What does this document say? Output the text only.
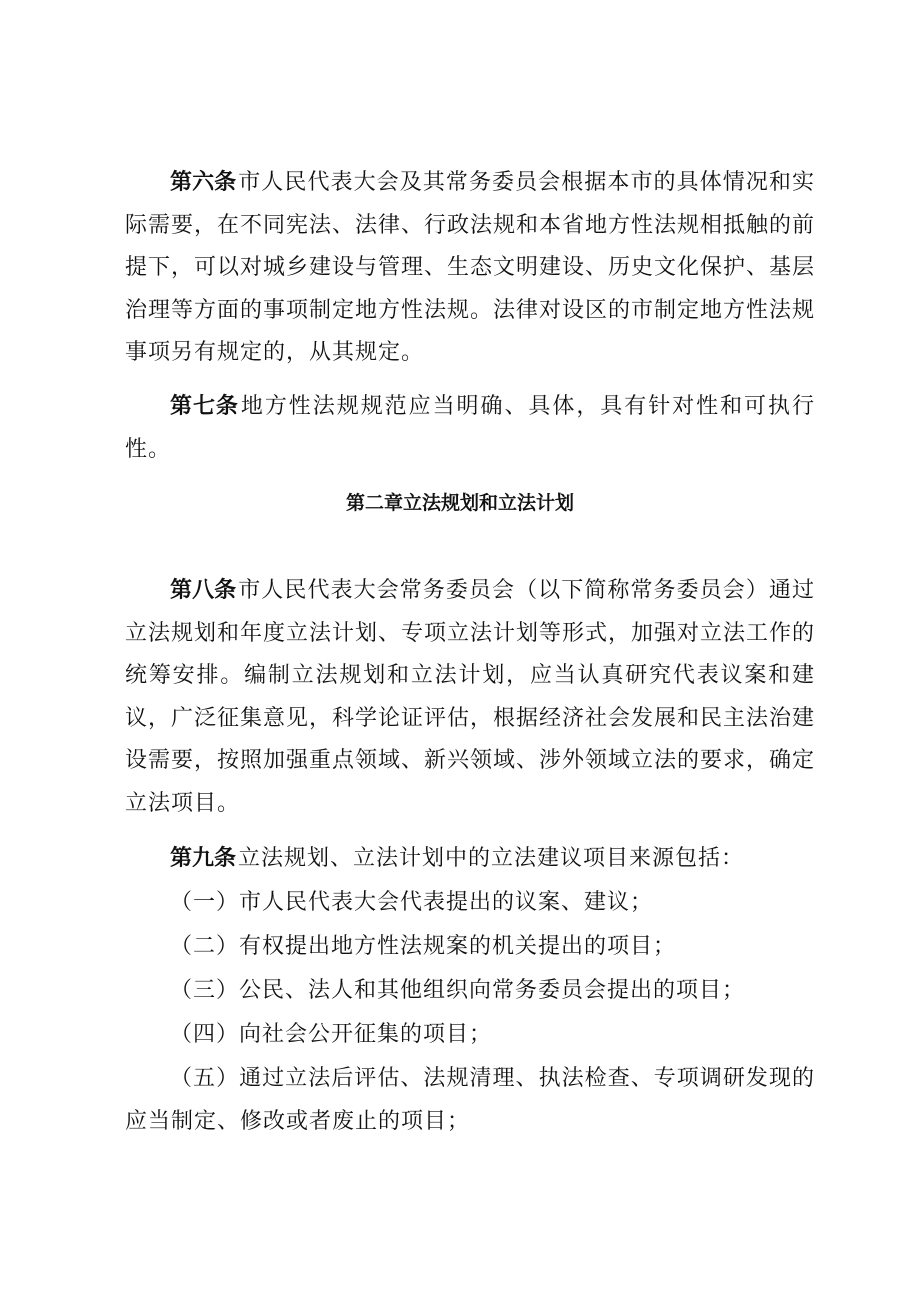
第六条市人民代表大会及其常务委员会根据本市的具体情况和实际需要，在不同宪法、法律、行政法规和本省地方性法规相抵触的前提下，可以对城乡建设与管理、生态文明建设、历史文化保护、基层治理等方面的事项制定地方性法规。法律对设区的市制定地方性法规事项另有规定的，从其规定。

第七条地方性法规规范应当明确、具体，具有针对性和可执行性。

第二章立法规划和立法计划

第八条市人民代表大会常务委员会（以下简称常务委员会）通过立法规划和年度立法计划、专项立法计划等形式，加强对立法工作的统筹安排。编制立法规划和立法计划，应当认真研究代表议案和建议，广泛征集意见，科学论证评估，根据经济社会发展和民主法治建设需要，按照加强重点领域、新兴领域、涉外领域立法的要求，确定立法项目。

第九条立法规划、立法计划中的立法建议项目来源包括：

（一）市人民代表大会代表提出的议案、建议；

（二）有权提出地方性法规案的机关提出的项目；

（三）公民、法人和其他组织向常务委员会提出的项目；

（四）向社会公开征集的项目；

（五）通过立法后评估、法规清理、执法检查、专项调研发现的应当制定、修改或者废止的项目；
